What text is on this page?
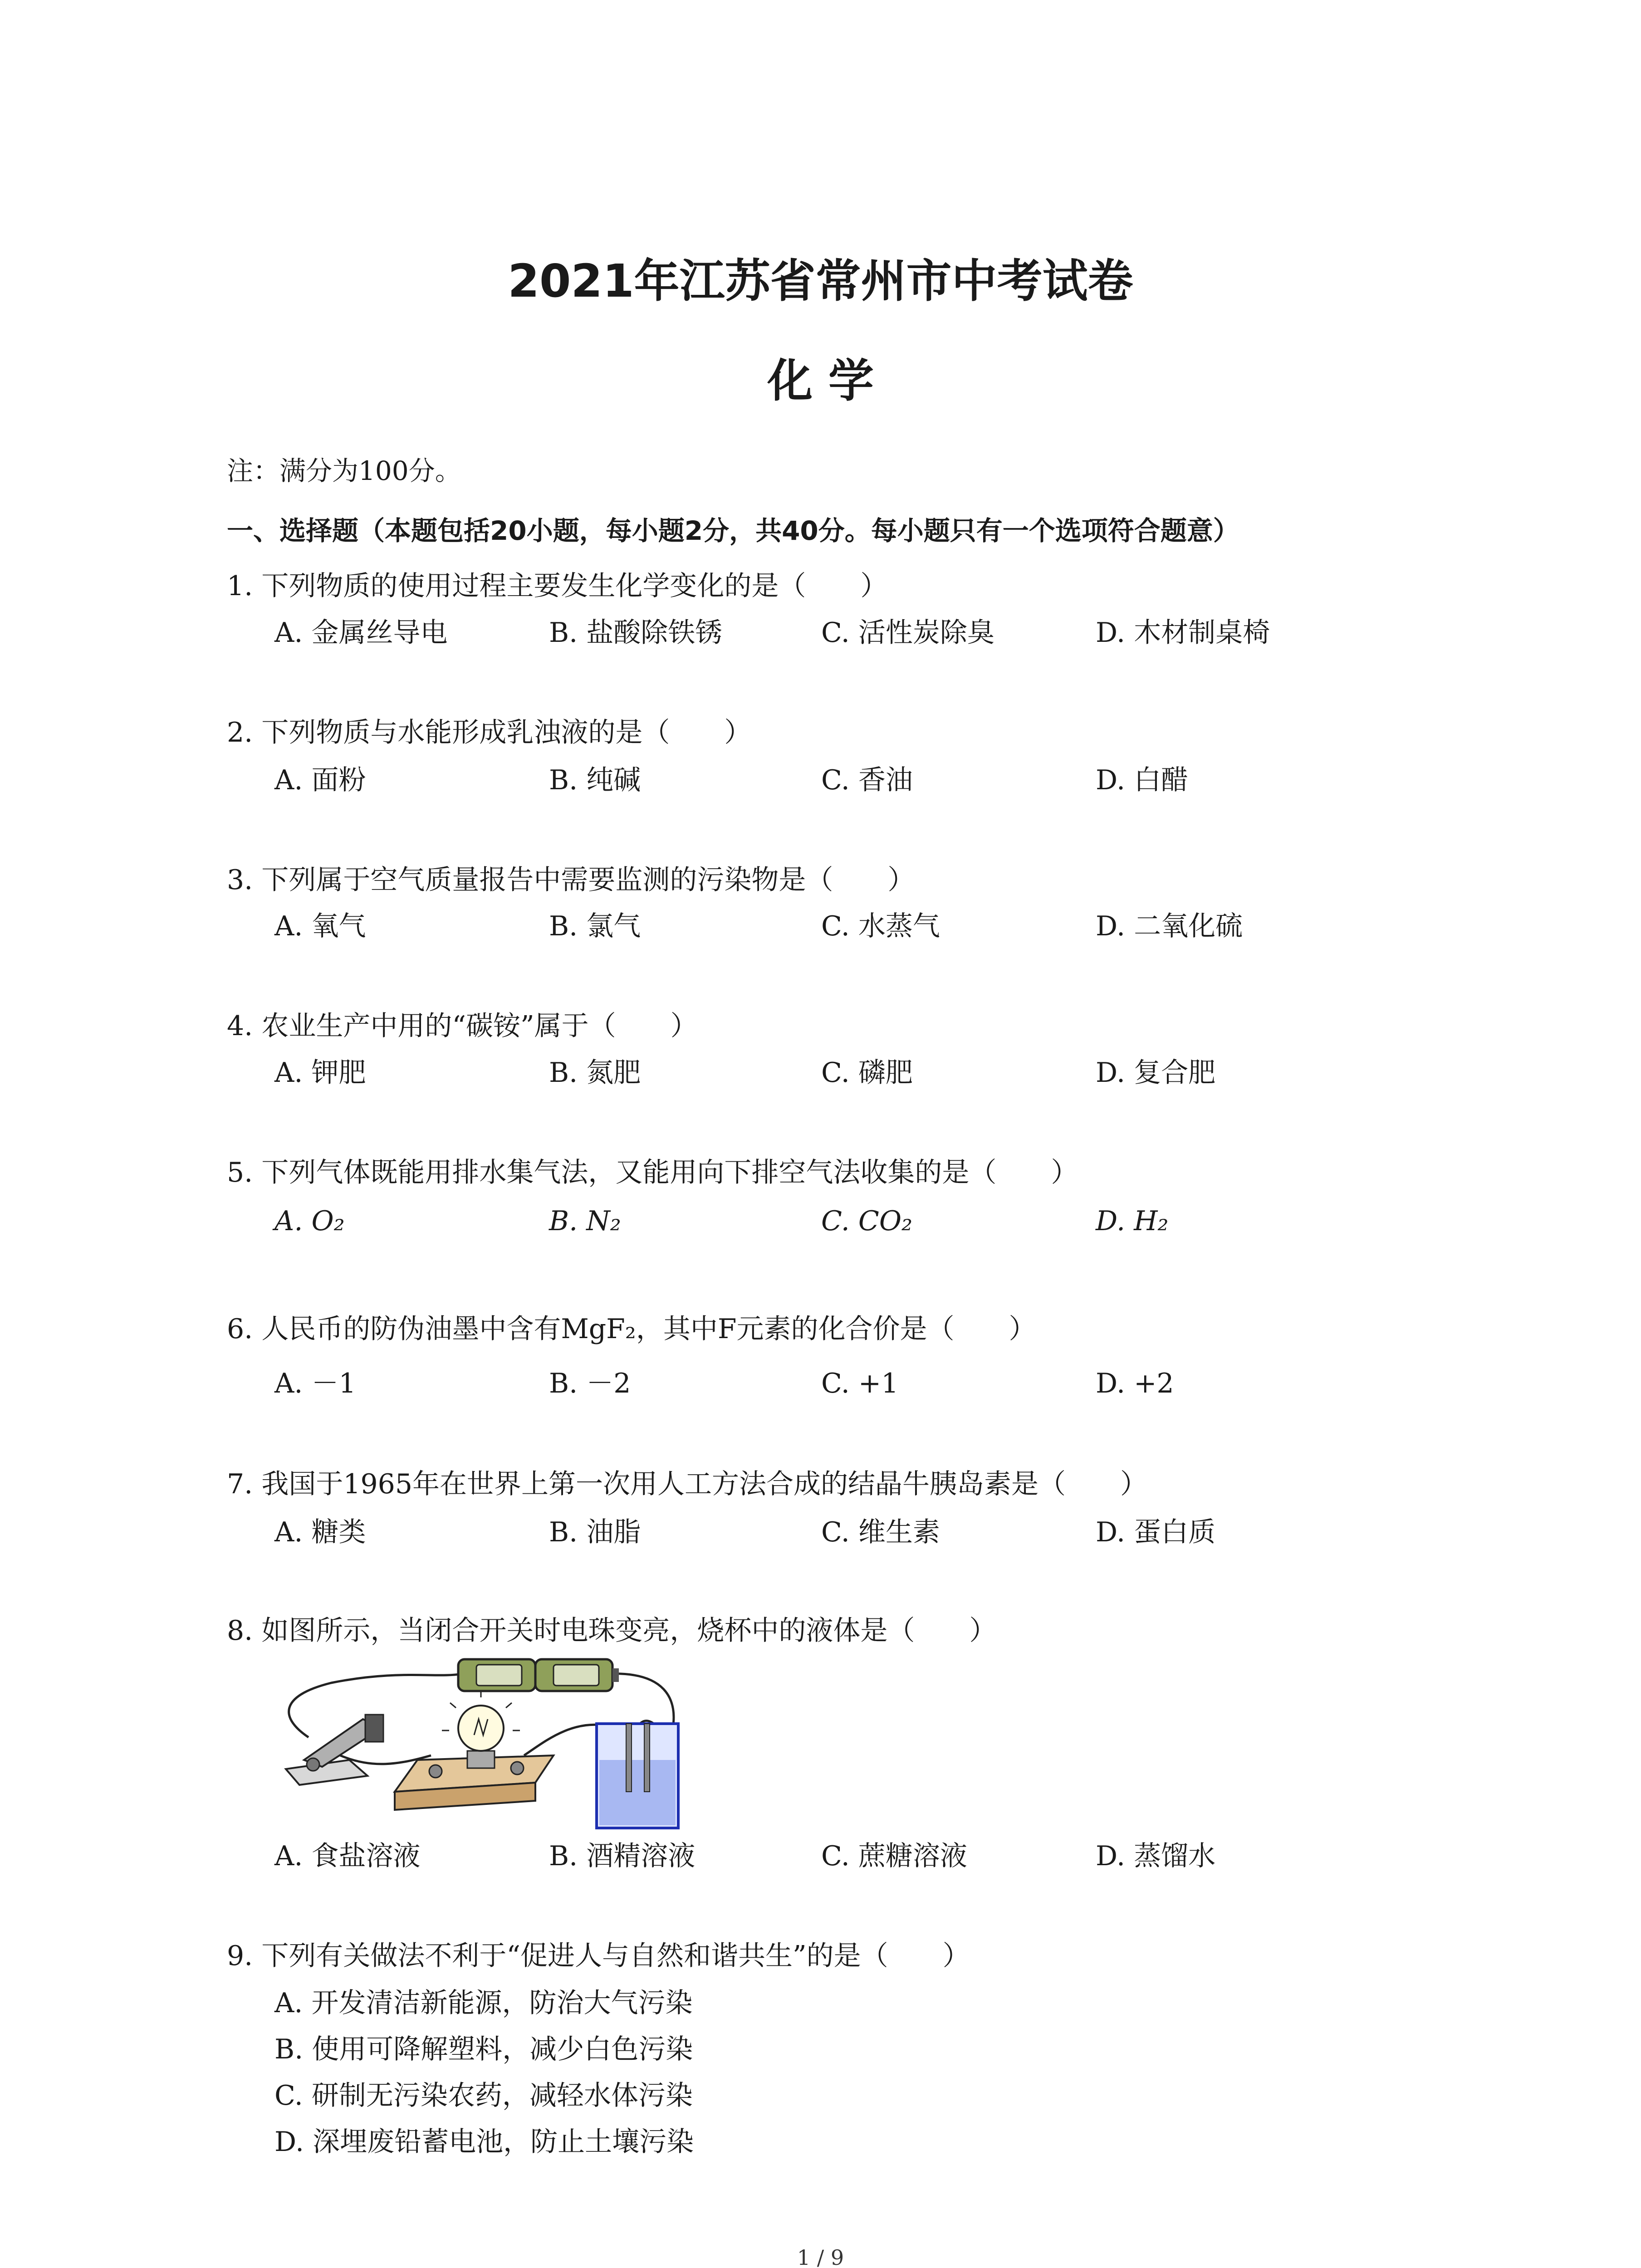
2021年江苏省常州市中考试卷
化 学
注：满分为100分。
一、选择题（本题包括20小题，每小题2分，共40分。每小题只有一个选项符合题意）
1. 下列物质的使用过程主要发生化学变化的是（　　）
A. 金属丝导电	B. 盐酸除铁锈	C. 活性炭除臭	D. 木材制桌椅
2. 下列物质与水能形成乳浊液的是（　　）
A. 面粉	B. 纯碱	C. 香油	D. 白醋
3. 下列属于空气质量报告中需要监测的污染物是（　　）
A. 氧气	B. 氯气	C. 水蒸气	D. 二氧化硫
4. 农业生产中用的“碳铵”属于（　　）
A. 钾肥	B. 氮肥	C. 磷肥	D. 复合肥
5. 下列气体既能用排水集气法，又能用向下排空气法收集的是（　　）
A. O₂	B. N₂	C. CO₂	D. H₂
6. 人民币的防伪油墨中含有MgF₂，其中F元素的化合价是（　　）
A. －1	B. －2	C. +1	D. +2
7. 我国于1965年在世界上第一次用人工方法合成的结晶牛胰岛素是（　　）
A. 糖类	B. 油脂	C. 维生素	D. 蛋白质
8. 如图所示，当闭合开关时电珠变亮，烧杯中的液体是（　　）
A. 食盐溶液	B. 酒精溶液	C. 蔗糖溶液	D. 蒸馏水
9. 下列有关做法不利于“促进人与自然和谐共生”的是（　　）
A. 开发清洁新能源，防治大气污染
B. 使用可降解塑料，减少白色污染
C. 研制无污染农药，减轻水体污染
D. 深埋废铅蓄电池，防止土壤污染
1 / 9
